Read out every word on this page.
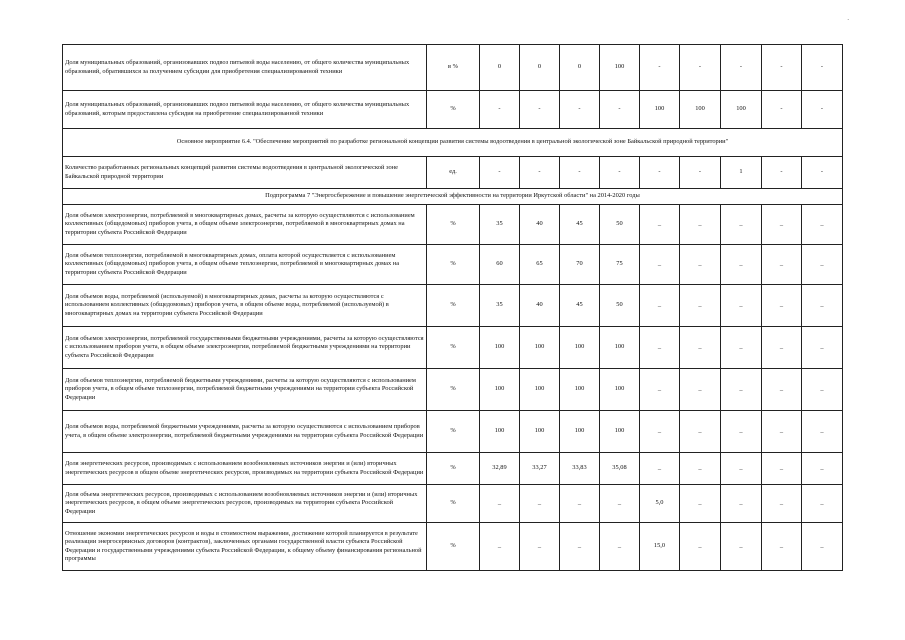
·
Доля муниципальных образований, организовавших подвоз питьевой воды населению, от общего количества муниципальных образований, обратившихся за получением субсидии для приобретения специализированной техники	в %	0	0	0	100	-	-	-	-	-
Доля муниципальных образований, организовавших подвоз питьевой воды населению, от общего количества муниципальных образований, которым предоставлена субсидия на приобретение специализированной техники	%	-	-	-	-	100	100	100	-	-
Основное мероприятие 6.4. "Обеспечение мероприятий по разработке региональной концепции развития системы водоотведения в центральной экологической зоне Байкальской природной территории"										
Количество разработанных региональных концепций развития системы водоотведения в центральной экологической зоне Байкальской природной территории	ед.	-	-	-	-	-	-	1	-	-
Подпрограмма 7 "Энергосбережение и повышение энергетической эффективности на территории Иркутской области" на 2014-2020 годы										
Доля объемов электроэнергии, потребляемой в многоквартирных домах, расчеты за которую осуществляются с использованием коллективных (общедомовых) приборов учета, в общем объеме электроэнергии, потребляемой в многоквартирных домах на территории субъекта Российской Федерации	%	35	40	45	50	_	_	_	_	_
Доля объемов теплоэнергии, потребляемой в многоквартирных домах, оплата которой осуществляется с использованием коллективных (общедомовых) приборов учета, в общем объеме теплоэнергии, потребляемой в многоквартирных домах на территории субъекта Российской Федерации	%	60	65	70	75	_	_	_	_	_
Доля объемов воды, потребляемой (используемой) в многоквартирных домах, расчеты за которую осуществляются с использованием коллективных (общедомовых) приборов учета, в общем объеме воды, потребляемой (используемой) в многоквартирных домах на территории субъекта Российской Федерации	%	35	40	45	50	_	_	_	_	_
Доля объемов электроэнергии, потребляемой государственными бюджетными учреждениями, расчеты за которую осуществляются с использованием приборов учета, в общем объеме электроэнергии, потребляемой бюджетными учреждениями на территории субъекта Российской Федерации	%	100	100	100	100	_	_	_	_	_
Доля объемов теплоэнергии, потребляемой бюджетными учреждениями, расчеты за которую осуществляются с использованием приборов учета, в общем объеме теплоэнергии, потребляемой бюджетными учреждениями на территории субъекта Российской Федерации	%	100	100	100	100	_	_	_	_	_
Доля объемов воды, потребляемой бюджетными учреждениями, расчеты за которую осуществляются с использованием приборов учета, в общем объеме электроэнергии, потребляемой бюджетными учреждениями на территории субъекта Российской Федерации	%	100	100	100	100	_	_	_	_	_
Доля энергетических ресурсов, производимых с использованием возобновляемых источников энергии и (или) вторичных энергетических ресурсов в общем объеме энергетических ресурсов, производимых на территории субъекта Российской Федерации	%	32,89	33,27	33,83	35,08	_	_	_	_	_
Доля объема энергетических ресурсов, производимых с использованием возобновляемых источников энергии и (или) вторичных энергетических ресурсов, в общем объеме энергетических ресурсов, производимых на территории субъекта Российской Федерации	%	_	_	_	_	5,0	_	_	_	_
Отношение экономии энергетических ресурсов и воды в стоимостном выражении, достижение которой планируется в результате реализации энергосервисных договоров (контрактов), заключенных органами государственной власти субъекта Российской Федерации и государственными учреждениями субъекта Российской Федерации, к общему объему финансирования региональной программы	%	_	_	_	_	15,0	_	_	_	_
